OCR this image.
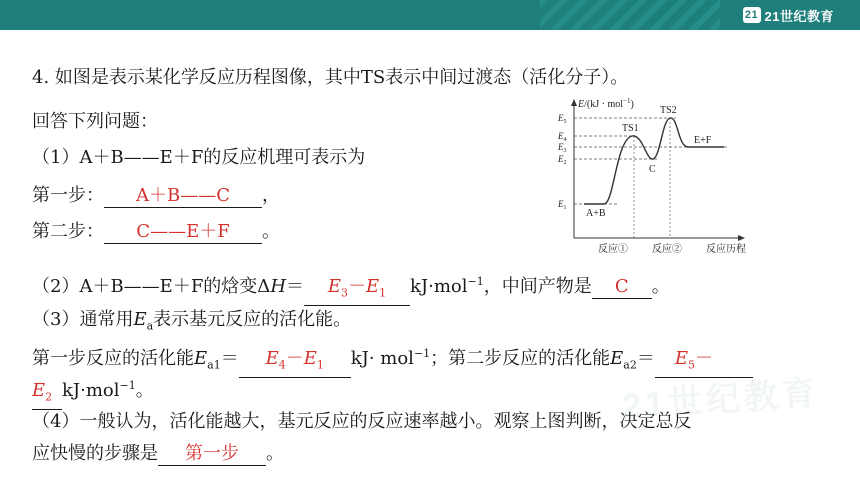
21 21世纪教育
21世纪教育
4. 如图是表示某化学反应历程图像，其中TS表示中间过渡态（活化分子）。
回答下列问题：
（1）A＋B——E＋F的反应机理可表示为
第一步： A＋B——C ，
第二步： C——E＋F 。
（2）A＋B——E＋F的焓变$\Delta H= E_3-E_1$ kJ·mol$^{-1}$，中间产物是 C 。
（3）通常用$E_a$表示基元反应的活化能。
第一步反应的活化能$E_{a1}= E_4-E_1$ kJ· mol$^{-1}$；第二步反应的活化能$E_{a2}= E_5-$
$E_2$ kJ·mol$^{-1}$。
（4）一般认为，活化能越大，基元反应的反应速率越小。观察上图判断，决定总反
应快慢的步骤是 第一步 。
E/(kJ · mol$^{-1}$)
$E_5$
$E_4$
$E_3$
$E_2$
$E_1$
TS1
TS2
A+B
C
E+F
反应① 反应② 反应历程
